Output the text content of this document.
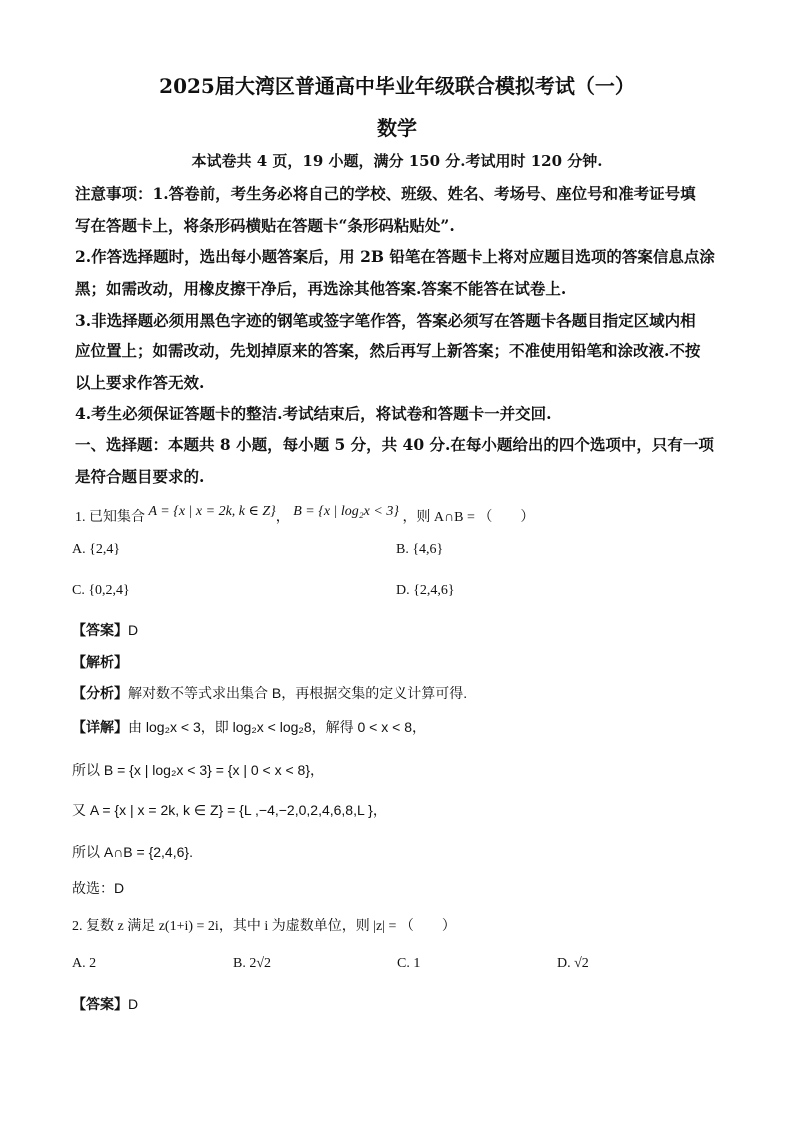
2025届大湾区普通高中毕业年级联合模拟考试（一）
数学
本试卷共 4 页，19 小题，满分 150 分.考试用时 120 分钟.
注意事项：1.答卷前，考生务必将自己的学校、班级、姓名、考场号、座位号和准考证号填
写在答题卡上，将条形码横贴在答题卡“条形码粘贴处”.
2.作答选择题时，选出每小题答案后，用 2B 铅笔在答题卡上将对应题目选项的答案信息点涂
黑；如需改动，用橡皮擦干净后，再选涂其他答案.答案不能答在试卷上.
3.非选择题必须用黑色字迹的钢笔或签字笔作答，答案必须写在答题卡各题目指定区域内相
应位置上；如需改动，先划掉原来的答案，然后再写上新答案；不准使用铅笔和涂改液.不按
以上要求作答无效.
4.考生必须保证答题卡的整洁.考试结束后，将试卷和答题卡一并交回.
一、选择题：本题共 8 小题，每小题 5 分，共 40 分.在每小题给出的四个选项中，只有一项
是符合题目要求的.
1. 已知集合 A = {x | x = 2k, k ∈ Z}， B = {x | log₂x < 3} ，则 A∩B = （　　）
A. {2,4}	B. {4,6}
C. {0,2,4}	D. {2,4,6}
【答案】D
【解析】
【分析】解对数不等式求出集合 B，再根据交集的定义计算可得.
【详解】由 log₂x < 3，即 log₂x < log₂8，解得 0 < x < 8，
所以 B = {x | log₂x < 3} = {x | 0 < x < 8}，
又 A = {x | x = 2k, k ∈ Z} = {L ,−4,−2,0,2,4,6,8,L }，
所以 A∩B = {2,4,6}.
故选：D
2. 复数 z 满足 z(1+i) = 2i，其中 i 为虚数单位，则 |z| = （　　）
A. 2	B. 2√2	C. 1	D. √2
【答案】D
